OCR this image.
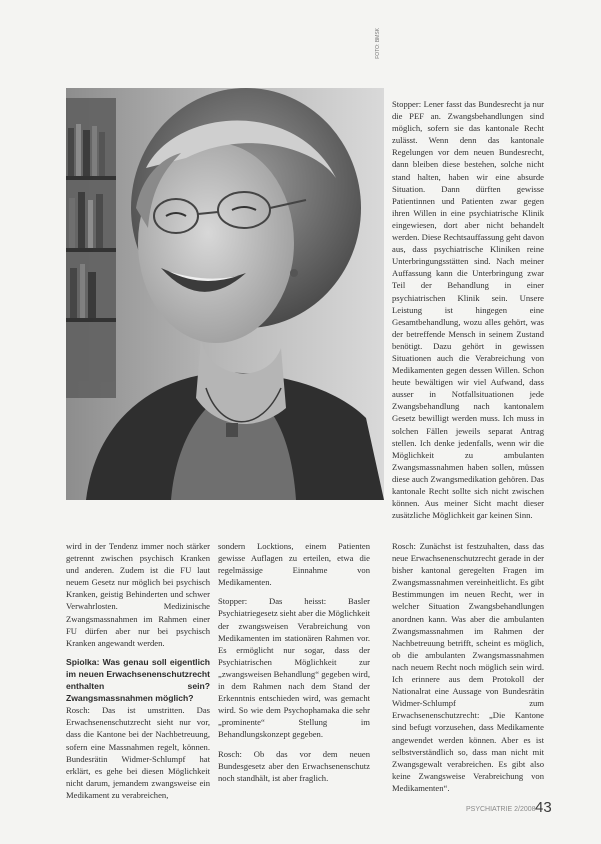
FOTO: BMSK

Stopper: Lener fasst das Bundesrecht ja nur die PEF an. Zwangsbehandlungen sind möglich, sofern sie das kantonale Recht zulässt. Wenn denn das kantonale Regelungen vor dem neuen Bundesrecht, dann bleiben diese bestehen, solche nicht stand halten, haben wir eine absurde Situation. Dann dürften gewisse Patientinnen und Patienten zwar gegen ihren Willen in eine psychiatrische Klinik eingewiesen, dort aber nicht behandelt werden. Diese Rechtsauffassung geht davon aus, dass psychiatrische Kliniken reine Unterbringungsstätten sind. Nach meiner Auffassung kann die Unterbringung zwar Teil der Behandlung in einer psychiatrischen Klinik sein. Unsere Leistung ist hingegen eine Gesamtbehandlung, wozu alles gehört, was der betreffende Mensch in seinem Zustand benötigt. Dazu gehört in gewissen Situationen auch die Verabreichung von Medikamenten gegen dessen Willen. Schon heute bewältigen wir viel Aufwand, dass ausser in Notfallsituationen jede Zwangsbehandlung nach kantonalem Gesetz bewilligt werden muss. Ich muss in solchen Fällen jeweils separat Antrag stellen. Ich denke jedenfalls, wenn wir die Möglichkeit zu ambulanten Zwangsmassnahmen haben sollen, müssen diese auch Zwangsmedikation gehören. Das kantonale Recht sollte sich nicht zwischen können. Aus meiner Sicht macht dieser zusätzliche Möglichkeit gar keinen Sinn.

wird in der Tendenz immer noch stärker getrennt zwischen psychisch Kranken und anderen. Zudem ist die FU laut neuem Gesetz nur möglich bei psychisch Kranken, geistig Behinderten und schwer Verwahrlosten. Medizinische Zwangsmassnahmen im Rahmen einer FU dürfen aber nur bei psychisch Kranken angewandt werden.

Spiolka: Was genau soll eigentlich im neuen Erwachsenenschutzrecht enthalten sein? Zwangsmassnahmen möglich?

Rosch: Das ist umstritten. Das Erwachsenenschutzrecht sieht nur vor, dass die Kantone bei der Nachbetreuung, sofern eine Massnahmen regelt, können. Bundesrätin Widmer-Schlumpf hat erklärt, es gehe bei diesen Möglichkeit nicht darum, jemandem zwangsweise ein Medikament zu verabreichen,

sondern Locktions, einem Patienten gewisse Auflagen zu erteilen, etwa die regelmässige Einnahme von Medikamenten.

Stopper: Das heisst: Basler Psychiatriegesetz sieht aber die Möglichkeit der zwangsweisen Verabreichung von Medikamenten im stationären Rahmen vor. Es ermöglicht nur sogar, dass der Psychiatrischen Möglichkeit zur „zwangsweisen Behandlung“ gegeben wird, in dem Rahmen nach dem Stand der Erkenntnis entschieden wird, was gemacht wird. So wie dem Psychophamaka die sehr „prominente“ Stellung im Behandlungskonzept gegeben.

Rosch: Ob das vor dem neuen Bundesgesetz aber den Erwachsenenschutz noch standhält, ist aber fraglich.

Rosch: Zunächst ist festzuhalten, dass das neue Erwachsenenschutzrecht gerade in der bisher kantonal geregelten Fragen im Zwangsmassnahmen vereinheitlicht. Es gibt Bestimmungen im neuen Recht, wer in welcher Situation Zwangsbehandlungen anordnen kann. Was aber die ambulanten Zwangsmassnahmen im Rahmen der Nachbetreuung betrifft, scheint es möglich, ob die ambulanten Zwangsmassnahmen nach neuem Recht noch möglich sein wird. Ich erinnere aus dem Protokoll der Nationalrat eine Aussage von Bundesrätin Widmer-Schlumpf zum Erwachsenenschutzrecht: „Die Kantone sind befugt vorzusehen, dass Medikamente angewendet werden können. Aber es ist selbstverständlich so, dass man nicht mit Zwangsgewalt verabreichen. Es gibt also keine Zwangsweise Verabreichung von Medikamenten“.

PSYCHIATRIE 2/2008 43
